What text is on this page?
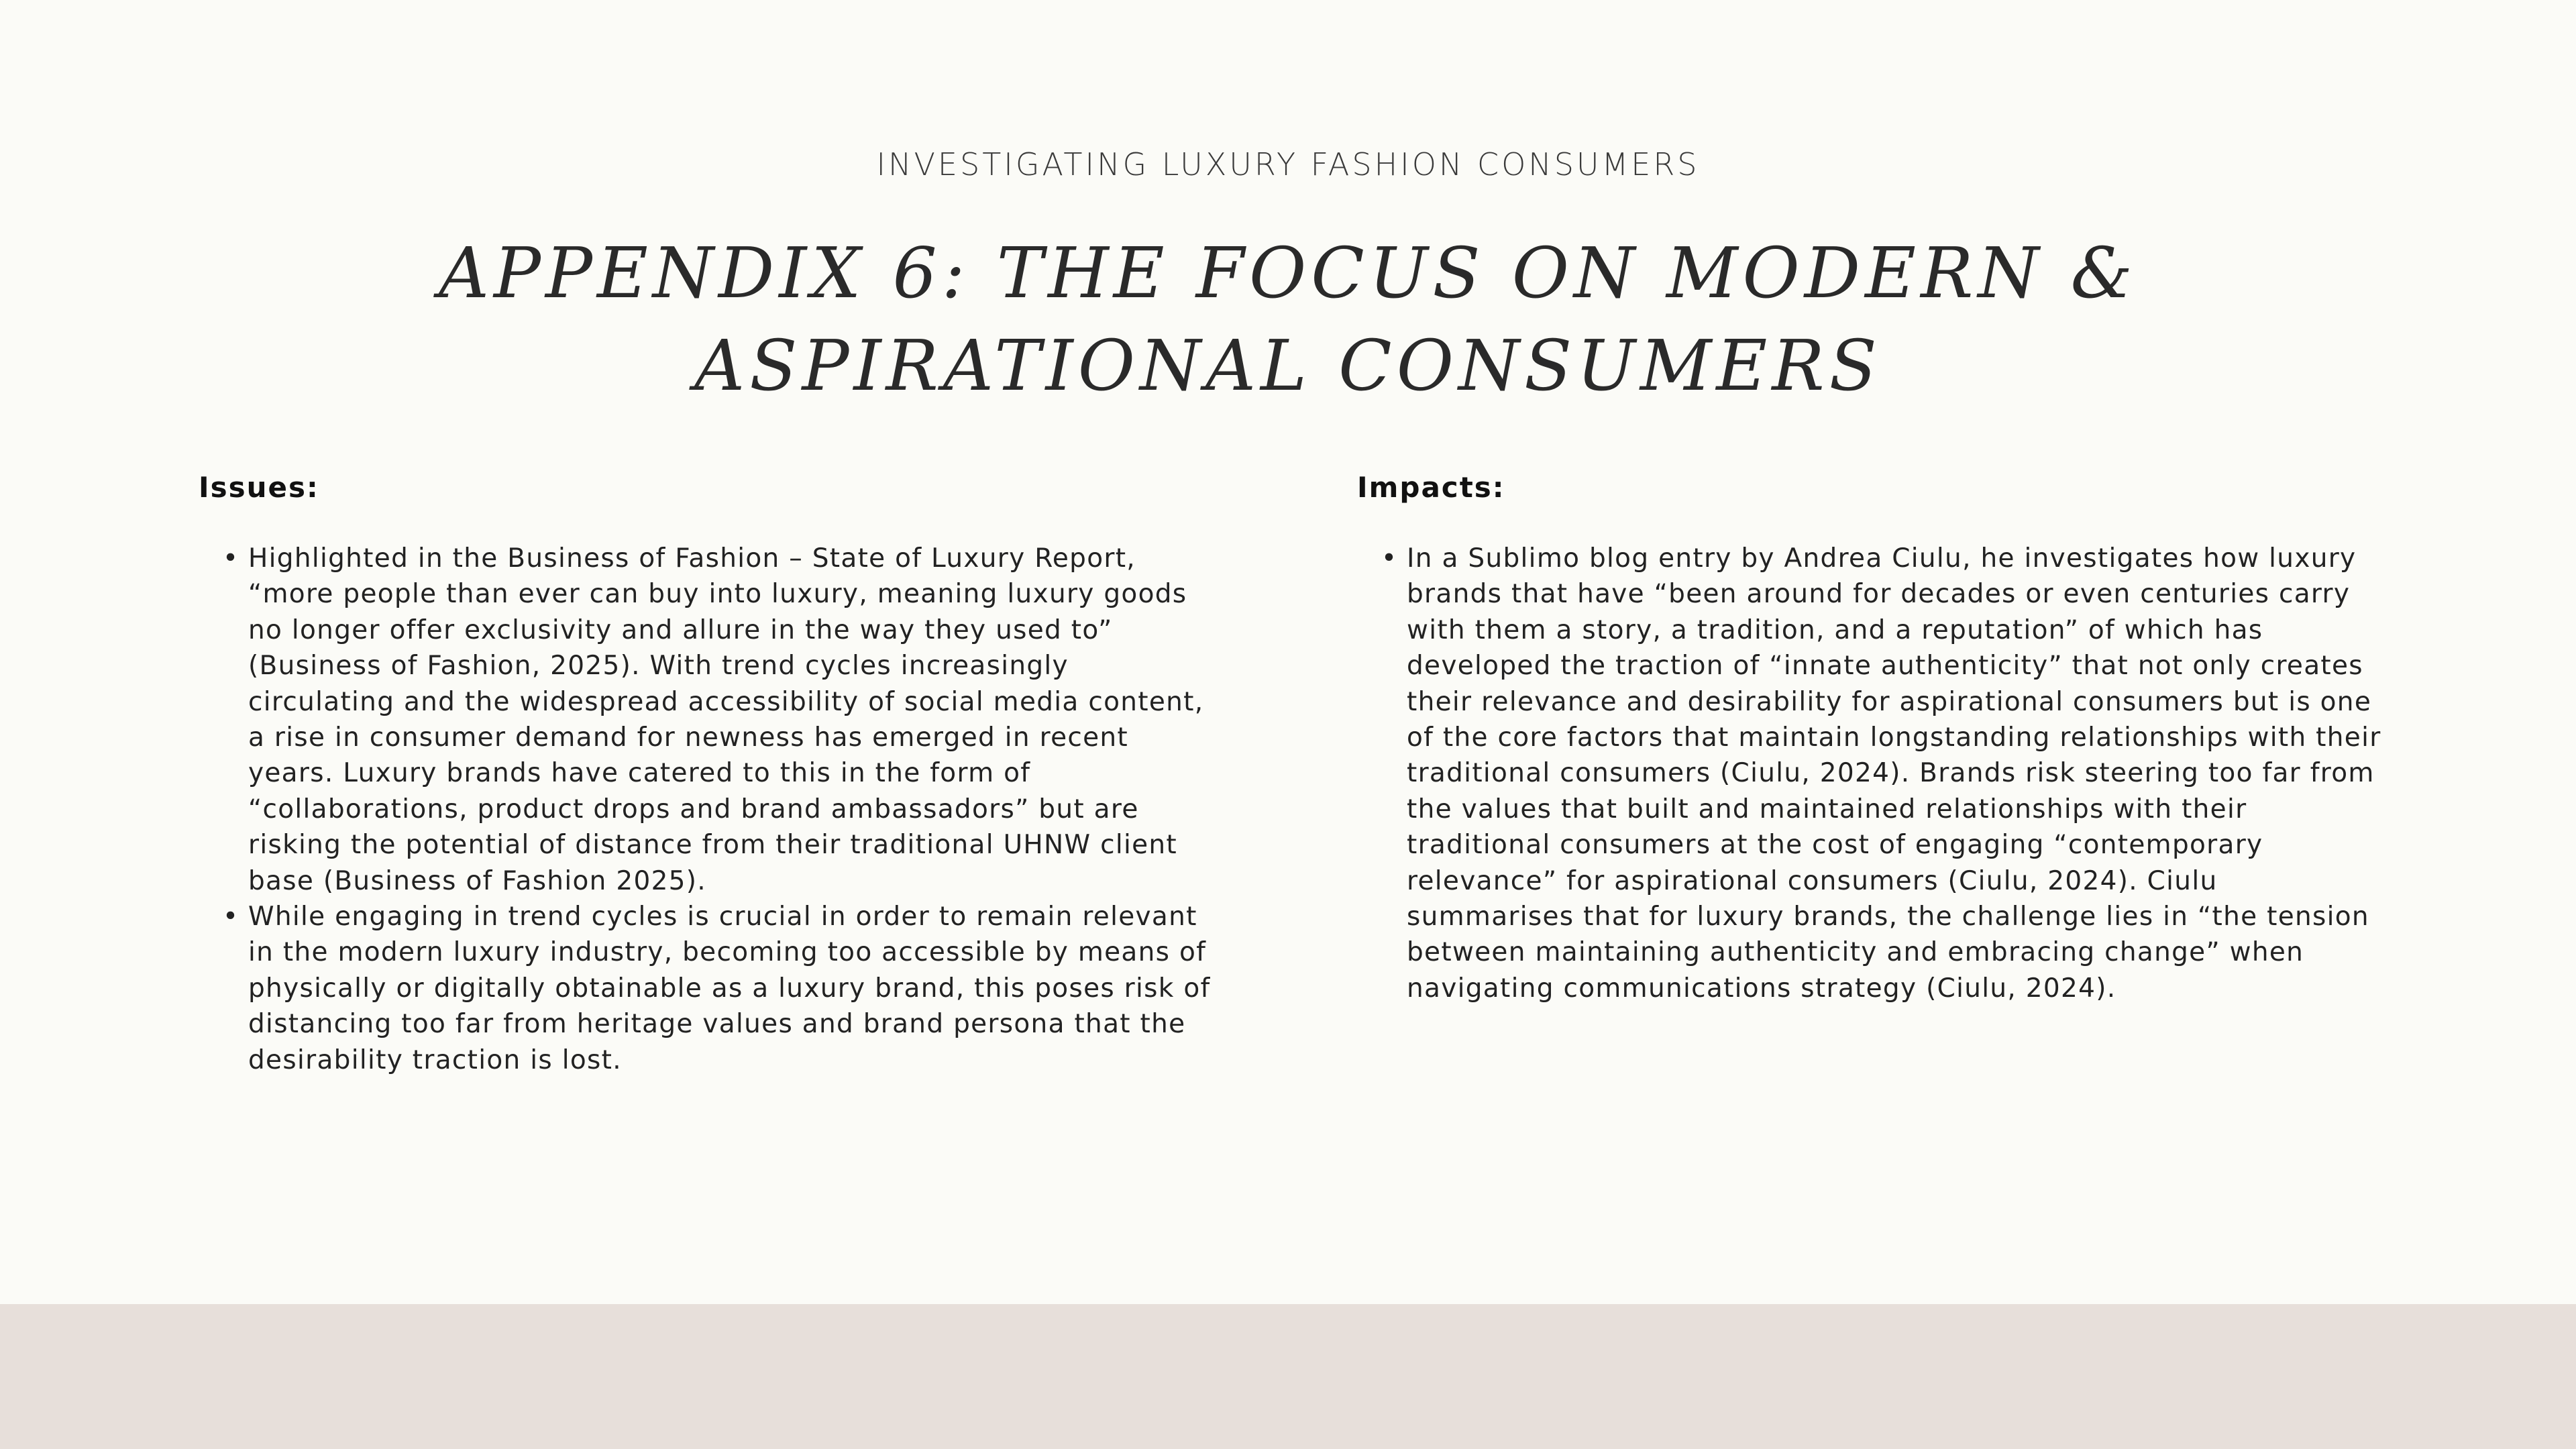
INVESTIGATING LUXURY FASHION CONSUMERS

APPENDIX 6: THE FOCUS ON MODERN & ASPIRATIONAL CONSUMERS
Issues:
• Highlighted in the Business of Fashion – State of Luxury Report, “more people than ever can buy into luxury, meaning luxury goods no longer offer exclusivity and allure in the way they used to” (Business of Fashion, 2025). With trend cycles increasingly circulating and the widespread accessibility of social media content, a rise in consumer demand for newness has emerged in recent years. Luxury brands have catered to this in the form of “collaborations, product drops and brand ambassadors” but are risking the potential of distance from their traditional UHNW client base (Business of Fashion 2025).
• While engaging in trend cycles is crucial in order to remain relevant in the modern luxury industry, becoming too accessible by means of physically or digitally obtainable as a luxury brand, this poses risk of distancing too far from heritage values and brand persona that the desirability traction is lost.
Impacts:
• In a Sublimo blog entry by Andrea Ciulu, he investigates how luxury brands that have “been around for decades or even centuries carry with them a story, a tradition, and a reputation” of which has developed the traction of “innate authenticity” that not only creates their relevance and desirability for aspirational consumers but is one of the core factors that maintain longstanding relationships with their traditional consumers (Ciulu, 2024). Brands risk steering too far from the values that built and maintained relationships with their traditional consumers at the cost of engaging “contemporary relevance” for aspirational consumers (Ciulu, 2024). Ciulu summarises that for luxury brands, the challenge lies in “the tension between maintaining authenticity and embracing change” when navigating communications strategy (Ciulu, 2024).
